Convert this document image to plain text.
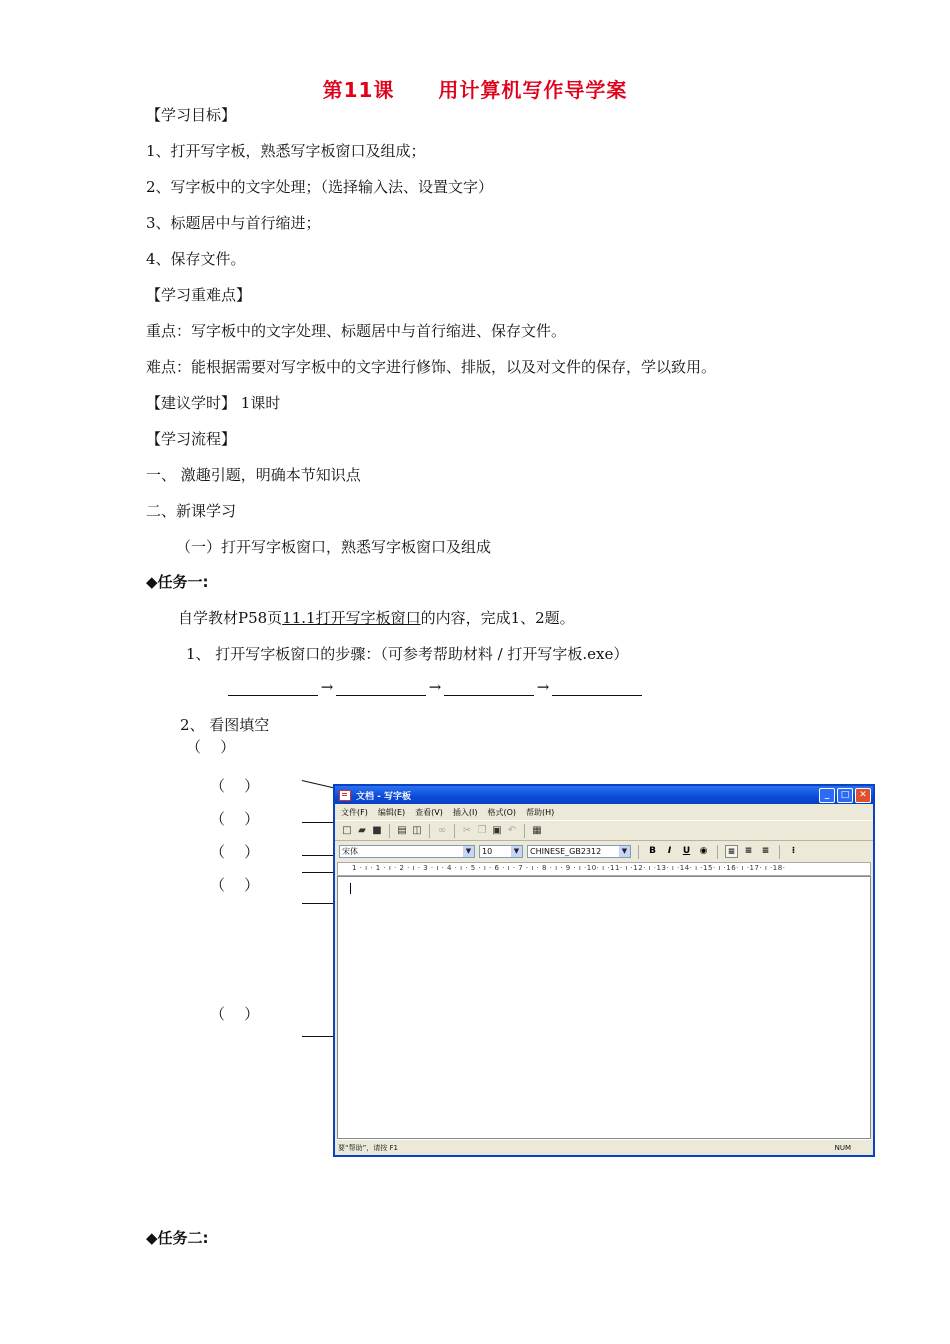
第11课 用计算机写作导学案
【学习目标】
1、打开写字板，熟悉写字板窗口及组成；
2、写字板中的文字处理；（选择输入法、设置文字）
3、标题居中与首行缩进；
4、保存文件。
【学习重难点】
重点：写字板中的文字处理、标题居中与首行缩进、保存文件。
难点：能根据需要对写字板中的文字进行修饰、排版，以及对文件的保存，学以致用。
【建议学时】 1课时
【学习流程】
一、 激趣引题，明确本节知识点
二、新课学习
（一）打开写字板窗口，熟悉写字板窗口及组成
◆任务一:
自学教材P58页11.1打开写字板窗口的内容，完成1、2题。
1、 打开写字板窗口的步骤：（可参考帮助材料 / 打开写字板.exe）
→	→	→
2、 看图填空
（    ）
（    ）
（    ）
（    ）
（    ）
（    ）
文档 - 写字板	_	□	✕
文件(F) 编辑(E) 查看(V) 插入(I) 格式(O) 帮助(H)
□ ▰ ■ ▤ ◫ ∞ ✂ ❐ ▣ ↶ ▦
宋体	▼	10	▼	CHINESE_GB2312	▼	B	I	U	◉	≡	≡	≡	⁝
1 · ı · 1 · ı · 2 · ı · 3 · ı · 4 · ı · 5 · ı · 6 · ı · 7 · ı · 8 · ı · 9 · ı ·10· ı ·11· ı ·12· ı ·13· ı ·14· ı ·15· ı ·16· ı ·17· ı ·18·
要“帮助”，请按 F1	NUM
◆任务二:
